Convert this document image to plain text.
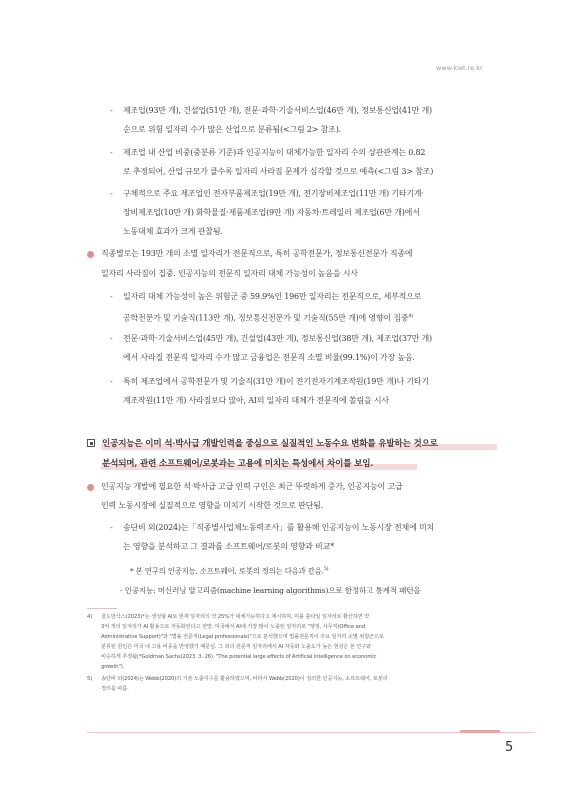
www.kiet.re.kr
- 제조업(93만 개), 건설업(51만 개), 전문·과학·기술서비스업(46만 개), 정보통신업(41만 개)
순으로 위험 일자리 수가 많은 산업으로 분류됨(<그림 2> 참조).
- 제조업 내 산업 비중(중분류 기준)과 인공지능이 대체가능한 일자리 수의 상관관계는 0.82
로 추정되어, 산업 규모가 클수록 일자리 사라짐 문제가 심각할 것으로 예측(<그림 3> 참조)
- 구체적으로 주요 제조업인 전자부품제조업(19만 개), 전기장비제조업(11만 개) 기타기계·
장비제조업(10만 개) 화학물질·제품제조업(9만 개) 자동차·트레일러 제조업(6만 개)에서
노동대체 효과가 크게 관찰됨.
직종별로는 193만 개의 소멸 일자리가 전문직으로, 특히 공학전문가, 정보통신전문가 직종에
일자리 사라짐이 집중. 인공지능의 전문직 일자리 대체 가능성이 높음을 시사
- 일자리 대체 가능성이 높은 위험군 중 59.9%인 196만 일자리는 전문직으로, 세부적으로
공학전문가 및 기술직(113만 개), 정보통신전문가 및 기술직(55만 개)에 영향이 집중$^{4)}$
- 전문·과학·기술서비스업(45만 개), 건설업(43만 개), 정보통신업(38만 개), 제조업(37만 개)
에서 사라질 전문직 일자리 수가 많고 금융업은 전문직 소멸 비율(99.1%)이 가장 높음.
- 특히 제조업에서 공학전문가 및 기술직(31만 개)이 전기전자기계조작원(19만 개)나 기타기
계조작원(11만 개) 사라짐보다 많아, AI의 일자리 대체가 전문직에 쏠림을 시사
인공지능은 이미 석·박사급 개발인력을 중심으로 실질적인 노동수요 변화를 유발하는 것으로
분석되며, 관련 소프트웨어/로봇과는 고용에 미치는 특성에서 차이를 보임.
인공지능 개발에 필요한 석·박사급 고급 인력 구인은 최근 뚜렷하게 증가, 인공지능이 고급
인력 노동시장에 실질적으로 영향을 미치기 시작한 것으로 판단됨.
- 송단비 외(2024)는「직종별사업체노동력조사」를 활용해 인공지능이 노동시장 전체에 미치
는 영향을 분석하고 그 결과를 소프트웨어/로봇의 영향과 비교*
* 본 연구의 인공지능, 소프트웨어, 로봇의 정의는 다음과 같음.$^{5)}$
- 인공지능: 머신러닝 알고리즘(machine learning algorithms)으로 한정하고 통계적 패턴을
4) 골드만삭스(2023)*는 생성형 AI로 현재 일자리의 약 25%가 대체가능하다고 제시하며, 미룰 출타일 일자리로 환산하면 약
3억 개의 일자리가 AI 활용으로 자동화된다고 전망. 미국에서 AI에 가장 많이 노출된 일자리로 "행정, 사무직(Office and
Administrative Support)"과 "법률 전문직(Legal professionals)"으로 분석했으며 법률전문직이 주요 일자리 소멸 위험군으로
분류된 원인은 미국 내 고용 비중을 반영했기 때문임. 그 외의 전문직 일자리에서 AI 자동화 노출도가 높은 현상은 본 연구와
비슷하게 추정됨(*Goldman Sachs(2023. 3. 26). "The potential large effects of Artificial Intelligence on economic
growth").
5) 송단비 외(2024)는 Webb(2020)의 기술 노출지수를 활용하였으며, 따라서 Webb(2020)이 정의한 인공지능, 소프트웨어, 로봇의
정의를 따름.
5
